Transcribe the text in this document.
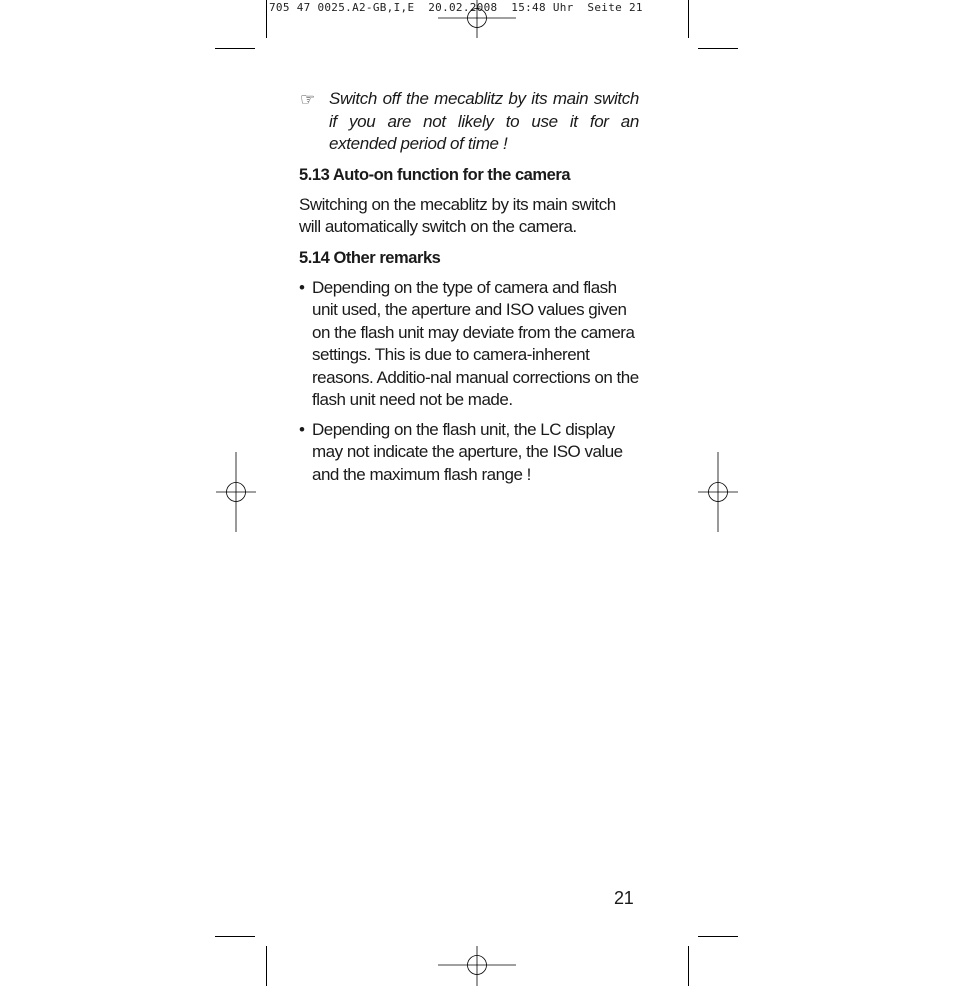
705 47 0025.A2-GB,I,E  20.02.2008  15:48 Uhr  Seite 21
☞ Switch off the mecablitz by its main switch if you are not likely to use it for an extended period of time !
5.13 Auto-on function for the camera

Switching on the mecablitz by its main switch will automatically switch on the camera.

5.14 Other remarks
• Depending on the type of camera and flash unit used, the aperture and ISO values given on the flash unit may deviate from the camera settings. This is due to camera-inherent reasons. Additio-nal manual corrections on the flash unit need not be made.
• Depending on the flash unit, the LC display may not indicate the aperture, the ISO value and the maximum flash range !
21
